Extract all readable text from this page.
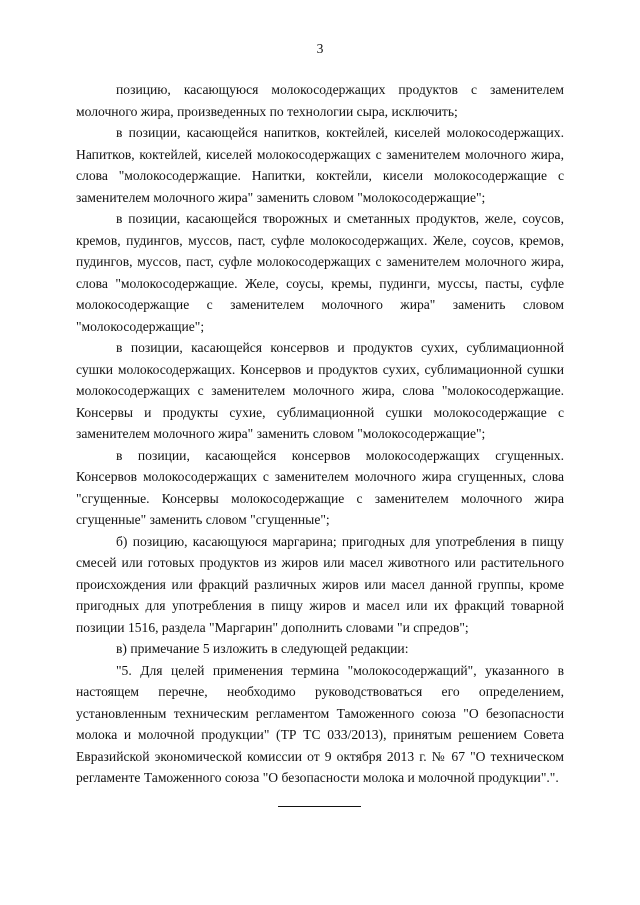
3

позицию, касающуюся молокосодержащих продуктов с заменителем молочного жира, произведенных по технологии сыра, исключить;

в позиции, касающейся напитков, коктейлей, киселей молокосодержащих. Напитков, коктейлей, киселей молокосодержащих с заменителем молочного жира, слова "молокосодержащие. Напитки, коктейли, кисели молокосодержащие с заменителем молочного жира" заменить словом "молокосодержащие";

в позиции, касающейся творожных и сметанных продуктов, желе, соусов, кремов, пудингов, муссов, паст, суфле молокосодержащих. Желе, соусов, кремов, пудингов, муссов, паст, суфле молокосодержащих с заменителем молочного жира, слова "молокосодержащие. Желе, соусы, кремы, пудинги, муссы, пасты, суфле молокосодержащие с заменителем молочного жира" заменить словом "молокосодержащие";

в позиции, касающейся консервов и продуктов сухих, сублимационной сушки молокосодержащих. Консервов и продуктов сухих, сублимационной сушки молокосодержащих с заменителем молочного жира, слова "молокосодержащие. Консервы и продукты сухие, сублимационной сушки молокосодержащие с заменителем молочного жира" заменить словом "молокосодержащие";

в позиции, касающейся консервов молокосодержащих сгущенных. Консервов молокосодержащих с заменителем молочного жира сгущенных, слова "сгущенные. Консервы молокосодержащие с заменителем молочного жира сгущенные" заменить словом "сгущенные";

б) позицию, касающуюся маргарина; пригодных для употребления в пищу смесей или готовых продуктов из жиров или масел животного или растительного происхождения или фракций различных жиров или масел данной группы, кроме пригодных для употребления в пищу жиров и масел или их фракций товарной позиции 1516, раздела "Маргарин" дополнить словами "и спредов";

в) примечание 5 изложить в следующей редакции:

"5. Для целей применения термина "молокосодержащий", указанного в настоящем перечне, необходимо руководствоваться его определением, установленным техническим регламентом Таможенного союза "О безопасности молока и молочной продукции" (ТР ТС 033/2013), принятым решением Совета Евразийской экономической комиссии от 9 октября 2013 г. № 67 "О техническом регламенте Таможенного союза "О безопасности молока и молочной продукции".".
